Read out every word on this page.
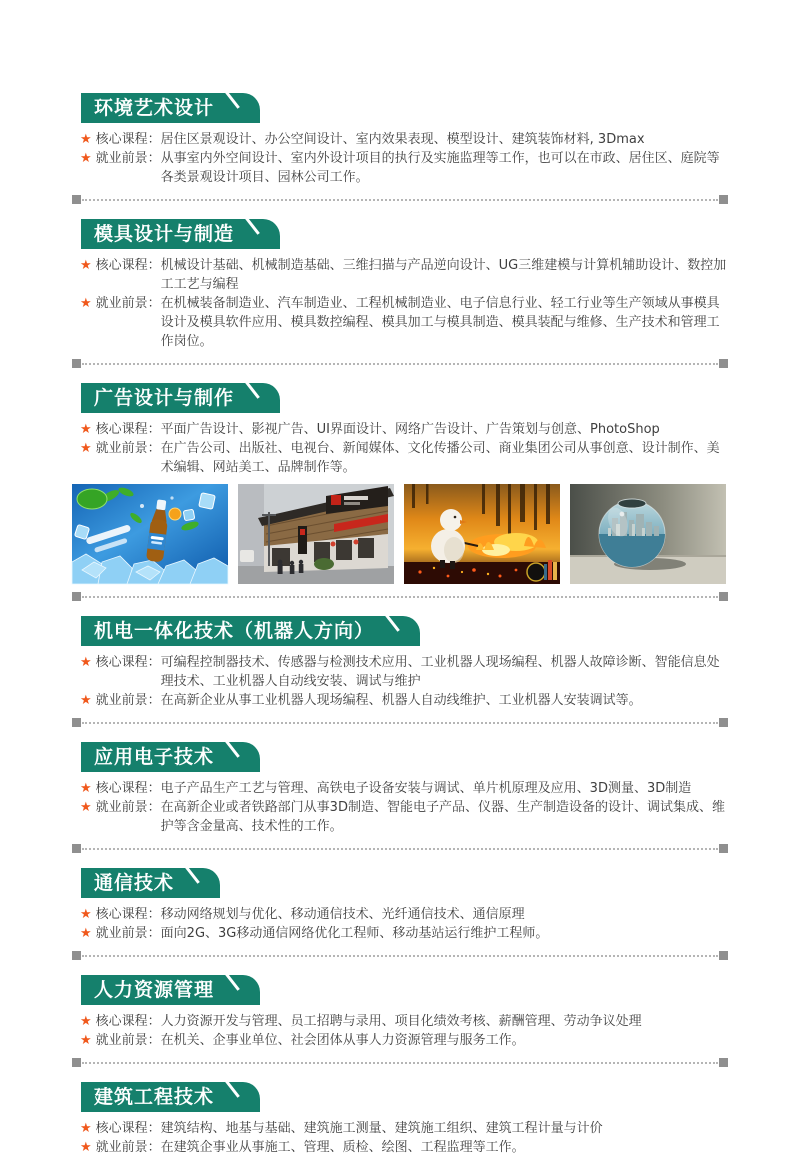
环境艺术设计
★ 核心课程： 居住区景观设计、办公空间设计、室内效果表现、模型设计、建筑装饰材料, 3Dmax
★ 就业前景： 从事室内外空间设计、室内外设计项目的执行及实施监理等工作，也可以在市政、居住区、庭院等各类景观设计项目、园林公司工作。
模具设计与制造
★ 核心课程： 机械设计基础、机械制造基础、三维扫描与产品逆向设计、UG三维建模与计算机辅助设计、数控加工工艺与编程
★ 就业前景： 在机械装备制造业、汽车制造业、工程机械制造业、电子信息行业、轻工行业等生产领域从事模具设计及模具软件应用、模具数控编程、模具加工与模具制造、模具装配与维修、生产技术和管理工作岗位。
广告设计与制作
★ 核心课程： 平面广告设计、影视广告、UI界面设计、网络广告设计、广告策划与创意、PhotoShop
★ 就业前景： 在广告公司、出版社、电视台、新闻媒体、文化传播公司、商业集团公司从事创意、设计制作、美术编辑、网站美工、品牌制作等。
机电一体化技术（机器人方向）
★ 核心课程： 可编程控制器技术、传感器与检测技术应用、工业机器人现场编程、机器人故障诊断、智能信息处理技术、工业机器人自动线安装、调试与维护
★ 就业前景： 在高新企业从事工业机器人现场编程、机器人自动线维护、工业机器人安装调试等。
应用电子技术
★ 核心课程： 电子产品生产工艺与管理、高铁电子设备安装与调试、单片机原理及应用、3D测量、3D制造
★ 就业前景： 在高新企业或者铁路部门从事3D制造、智能电子产品、仪器、生产制造设备的设计、调试集成、维护等含金量高、技术性的工作。
通信技术
★ 核心课程： 移动网络规划与优化、移动通信技术、光纤通信技术、通信原理
★ 就业前景： 面向2G、3G移动通信网络优化工程师、移动基站运行维护工程师。
人力资源管理
★ 核心课程： 人力资源开发与管理、员工招聘与录用、项目化绩效考核、薪酬管理、劳动争议处理
★ 就业前景： 在机关、企事业单位、社会团体从事人力资源管理与服务工作。
建筑工程技术
★ 核心课程： 建筑结构、地基与基础、建筑施工测量、建筑施工组织、建筑工程计量与计价
★ 就业前景： 在建筑企事业从事施工、管理、质检、绘图、工程监理等工作。
